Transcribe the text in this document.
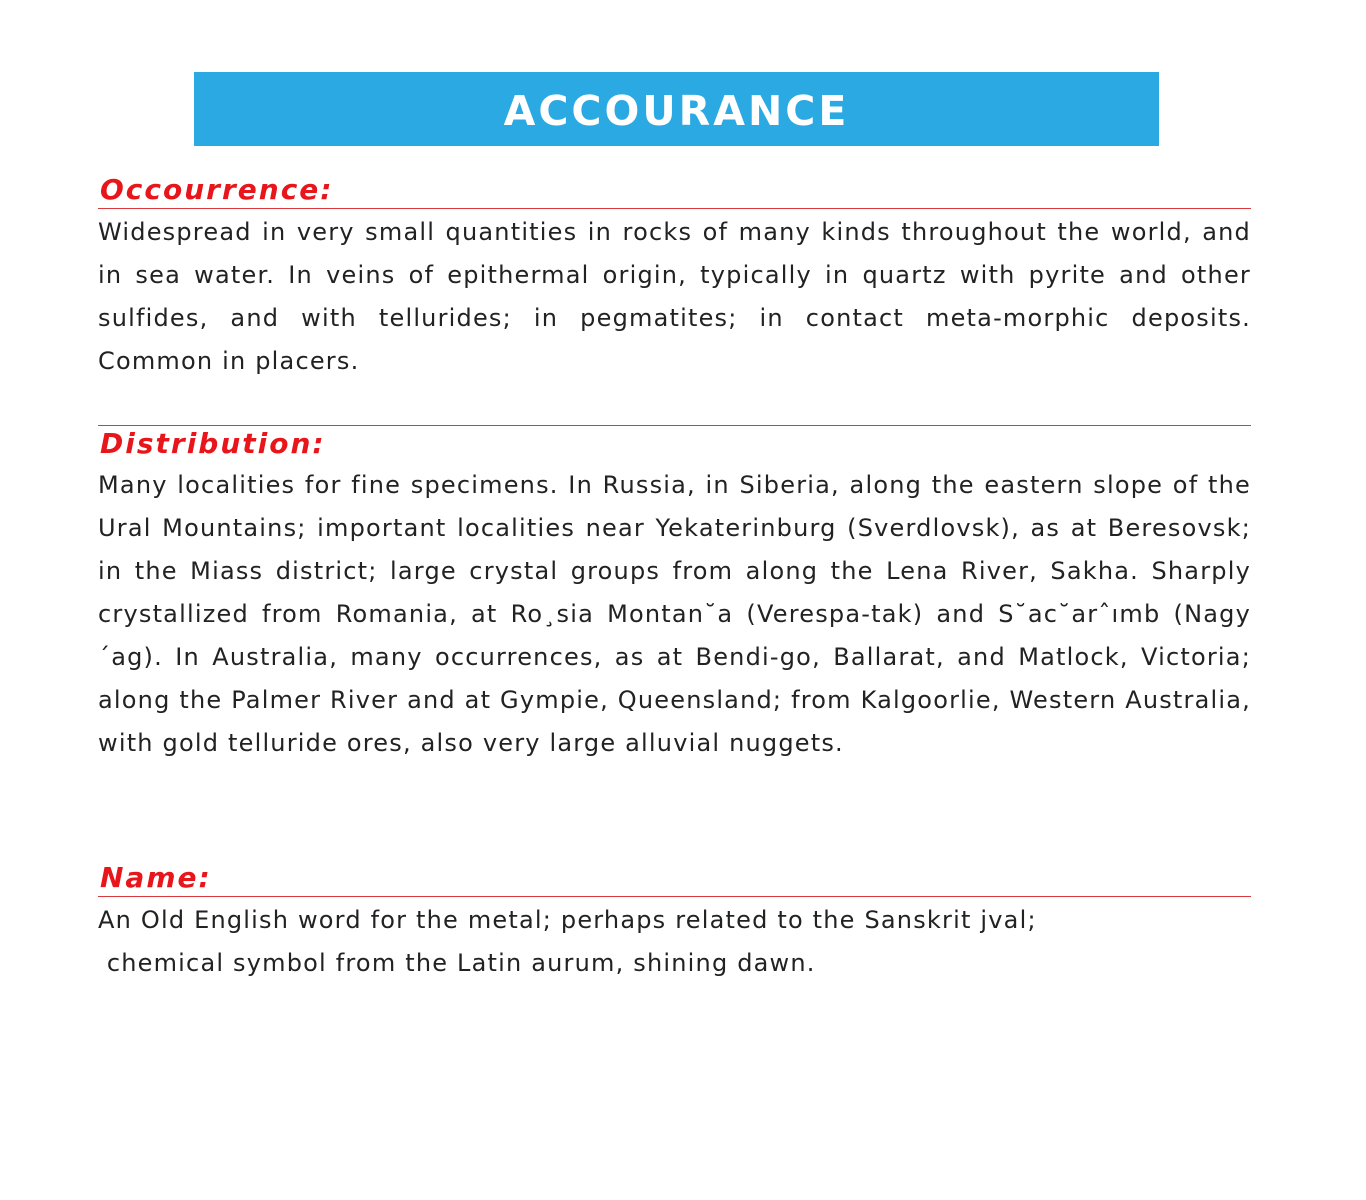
ACCOURANCE
Occourrence:
Widespread in very small quantities in rocks of many kinds throughout the world, and in sea water. In veins of epithermal origin, typically in quartz with pyrite and other sulfides, and with tellurides; in pegmatites; in contact meta-morphic deposits. Common in placers.
Distribution:
Many localities for fine specimens. In Russia, in Siberia, along the eastern slope of the Ural Mountains; important localities near Yekaterinburg (Sverdlovsk), as at Beresovsk; in the Miass district; large crystal groups from along the Lena River, Sakha. Sharply crystallized from Romania, at Ro¸sia Montan˘a (Verespa-tak) and S˘ac˘arˆımb (Nagy´ag). In Australia, many occurrences, as at Bendi-go, Ballarat, and Matlock, Victoria; along the Palmer River and at Gympie, Queensland; from Kalgoorlie, Western Australia, with gold telluride ores, also very large alluvial nuggets.
Name:
An Old English word for the metal; perhaps related to the Sanskrit jval;
chemical symbol from the Latin aurum, shining dawn.
